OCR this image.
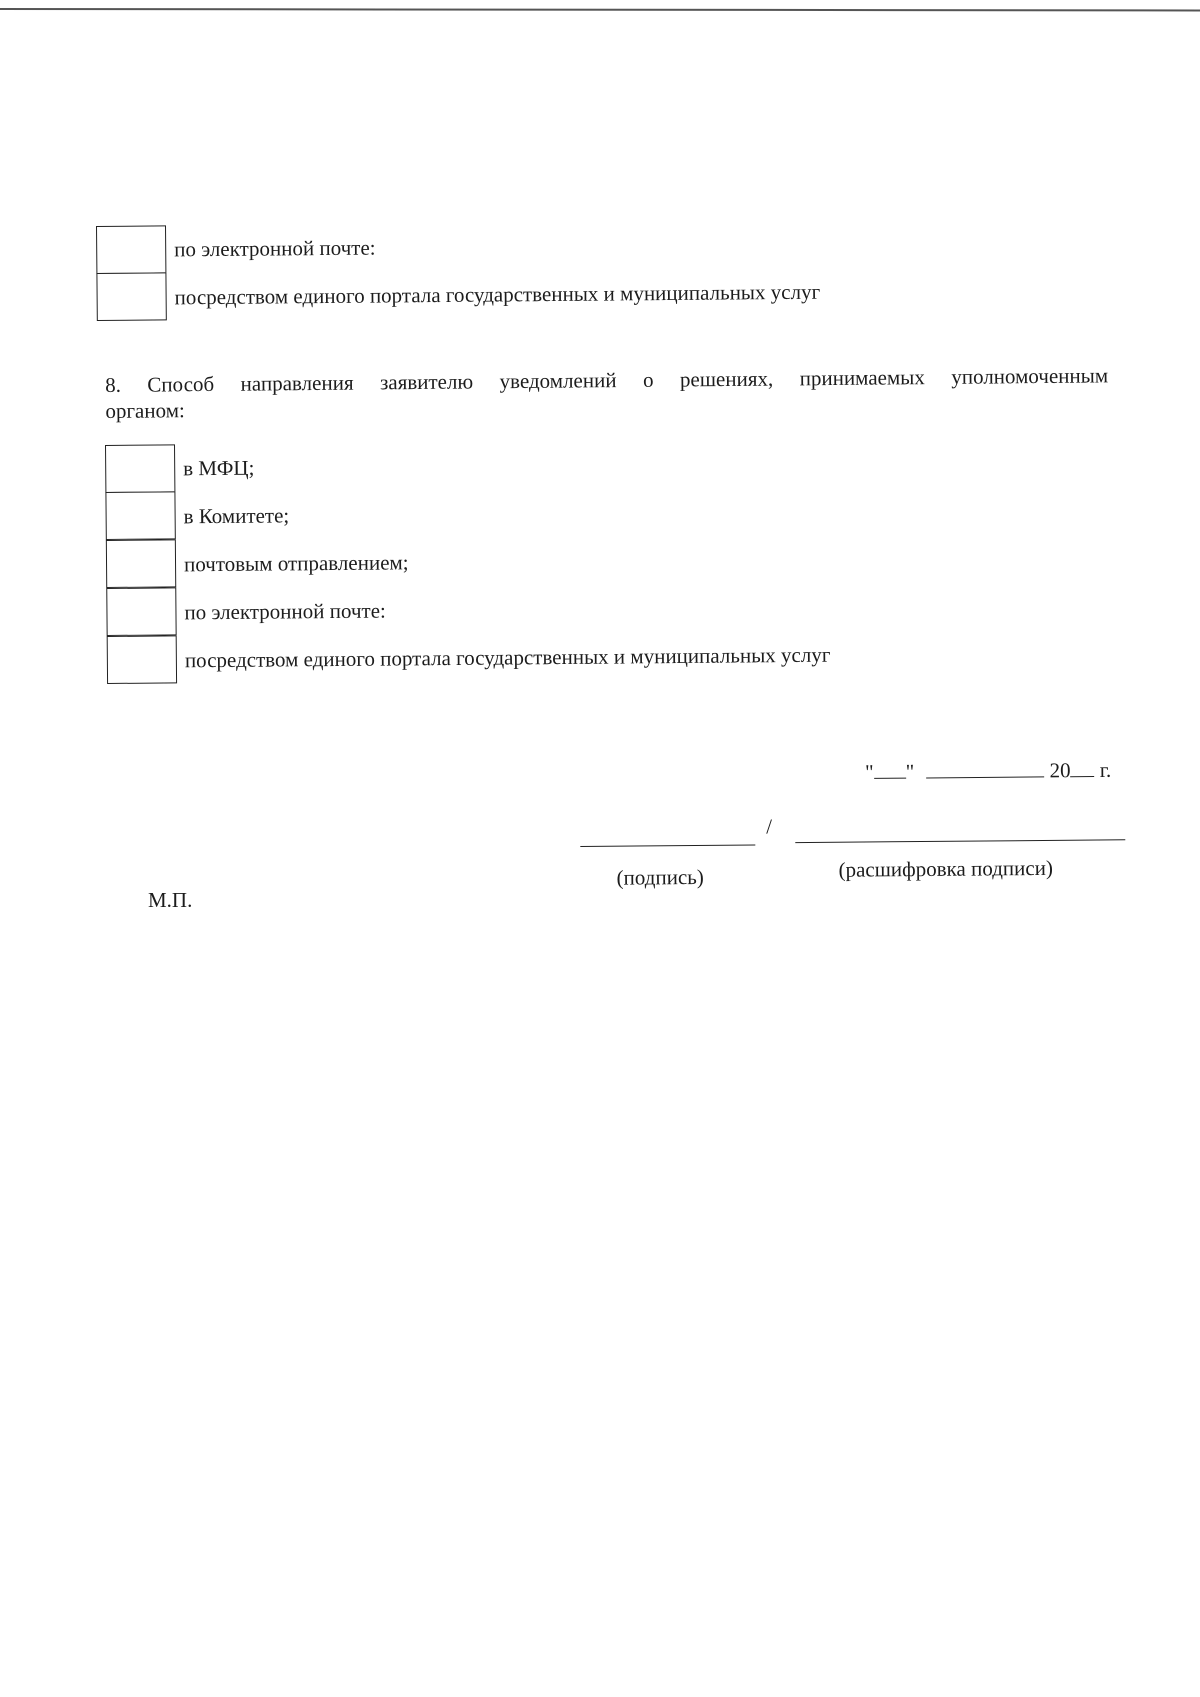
по электронной почте:
посредством единого портала государственных и муниципальных услуг
8. Способ направления заявителю уведомлений о решениях, принимаемых уполномоченным
органом:
в МФЦ;
в Комитете;
почтовым отправлением;
по электронной почте:
посредством единого портала государственных и муниципальных услуг
" "	20 г.
/
(подпись)	(расшифровка подписи)
М.П.
